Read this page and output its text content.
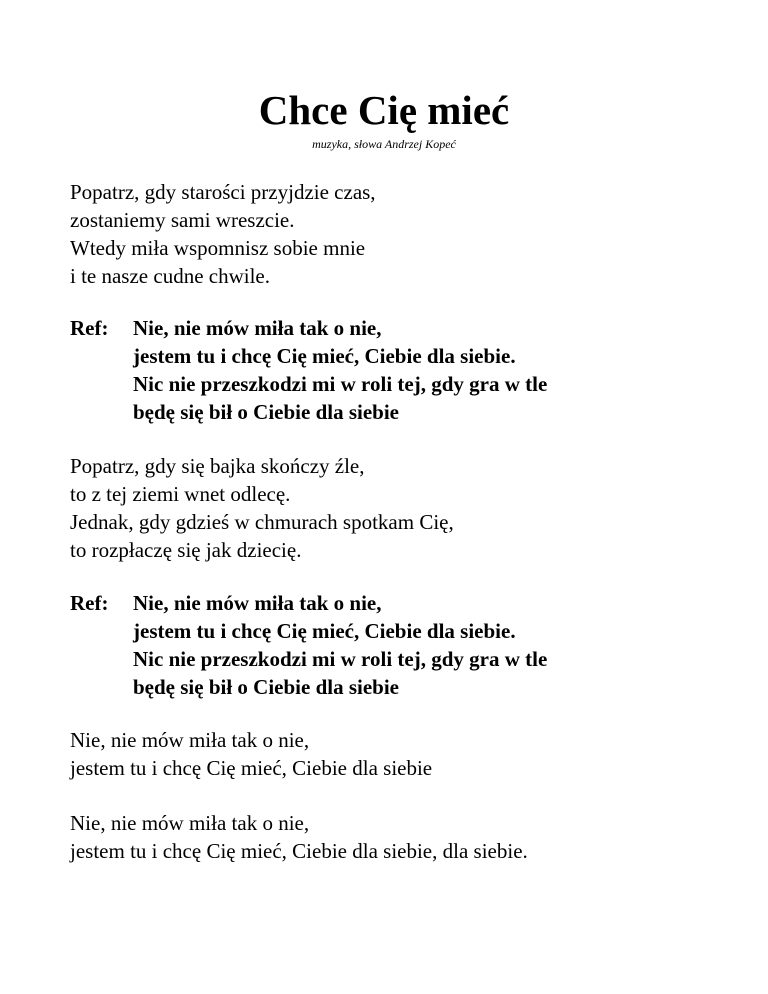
Chce Cię mieć
muzyka, słowa Andrzej Kopeć
Popatrz, gdy starości przyjdzie czas,
zostaniemy sami wreszcie.
Wtedy miła wspomnisz sobie mnie
i te nasze cudne chwile.
Ref: Nie, nie mów miła tak o nie,
jestem tu i chcę Cię mieć, Ciebie dla siebie.
Nic nie przeszkodzi mi w roli tej, gdy gra w tle
będę się bił o Ciebie dla siebie
Popatrz, gdy się bajka skończy źle,
to z tej ziemi wnet odlecę.
Jednak, gdy gdzieś w chmurach spotkam Cię,
to rozpłaczę się jak dziecię.
Ref: Nie, nie mów miła tak o nie,
jestem tu i chcę Cię mieć, Ciebie dla siebie.
Nic nie przeszkodzi mi w roli tej, gdy gra w tle
będę się bił o Ciebie dla siebie
Nie, nie mów miła tak o nie,
jestem tu i chcę Cię mieć, Ciebie dla siebie
Nie, nie mów miła tak o nie,
jestem tu i chcę Cię mieć, Ciebie dla siebie, dla siebie.
